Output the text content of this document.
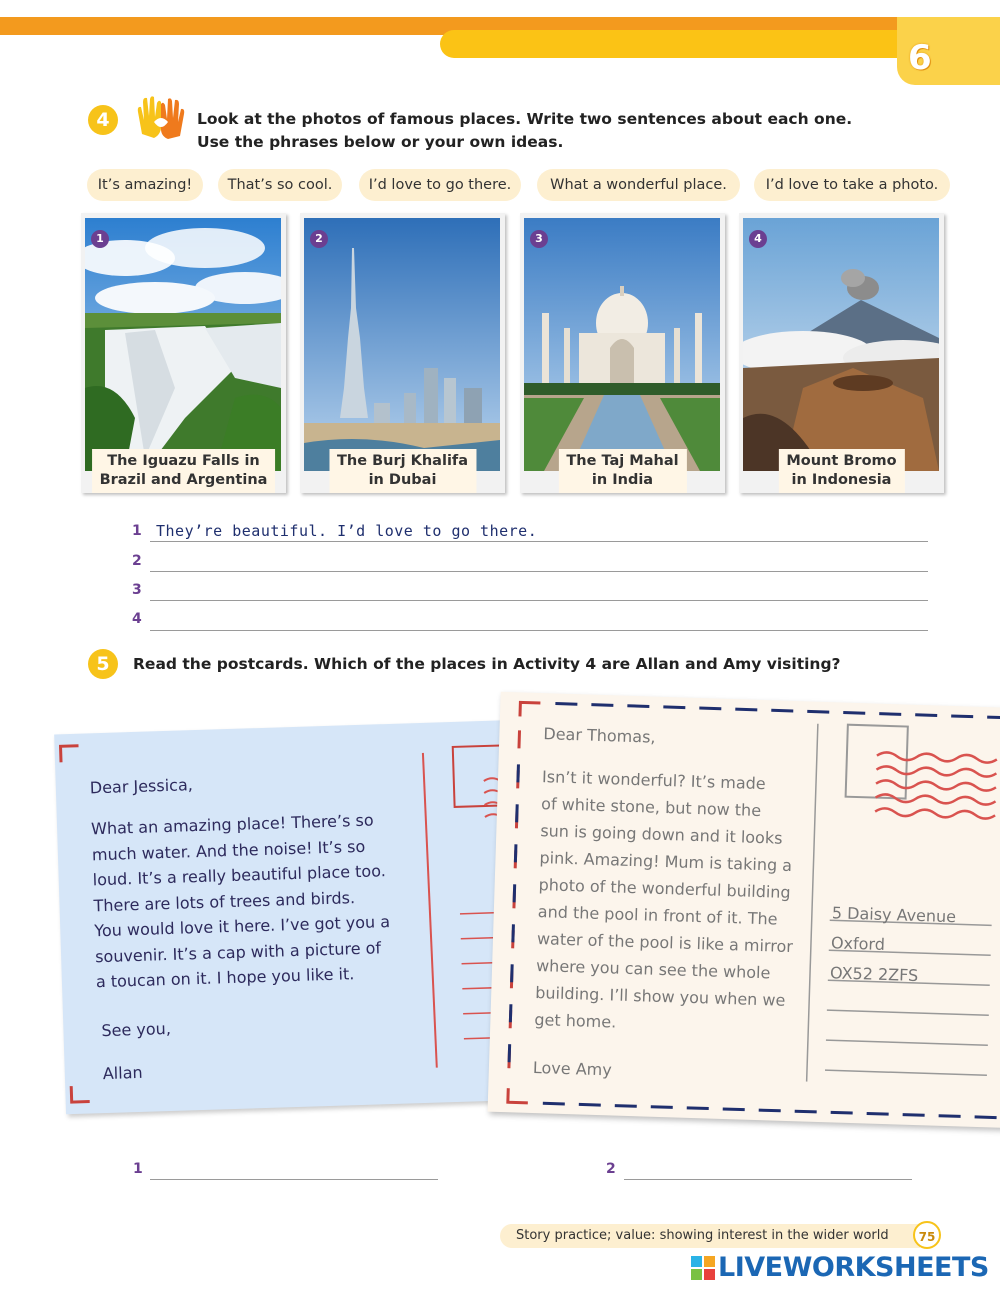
6
4	Look at the photos of famous places. Write two sentences about each one.
Use the phrases below or your own ideas.
It’s amazing!	That’s so cool.	I’d love to go there.	What a wonderful place.	I’d love to take a photo.
1
The Iguazu Falls in
Brazil and Argentina
2
The Burj Khalifa
in Dubai
3
The Taj Mahal
in India
4
Mount Bromo
in Indonesia
1 They’re beautiful. I’d love to go there.
2
3
4
5	Read the postcards. Which of the places in Activity 4 are Allan and Amy visiting?
Dear Jessica,
What an amazing place! There’s so
much water. And the noise! It’s so
loud. It’s a really beautiful place too.
There are lots of trees and birds.
You would love it here. I’ve got you a
souvenir. It’s a cap with a picture of
a toucan on it. I hope you like it.
See you,
Allan
Dear Thomas,
Isn’t it wonderful? It’s made
of white stone, but now the
sun is going down and it looks
pink. Amazing! Mum is taking a
photo of the wonderful building
and the pool in front of it. The
water of the pool is like a mirror
where you can see the whole
building. I’ll show you when we
get home.
Love Amy
5 Daisy Avenue
Oxford
OX52 2ZFS
1	2
Story practice; value: showing interest in the wider world	75
LIVEWORKSHEETS
